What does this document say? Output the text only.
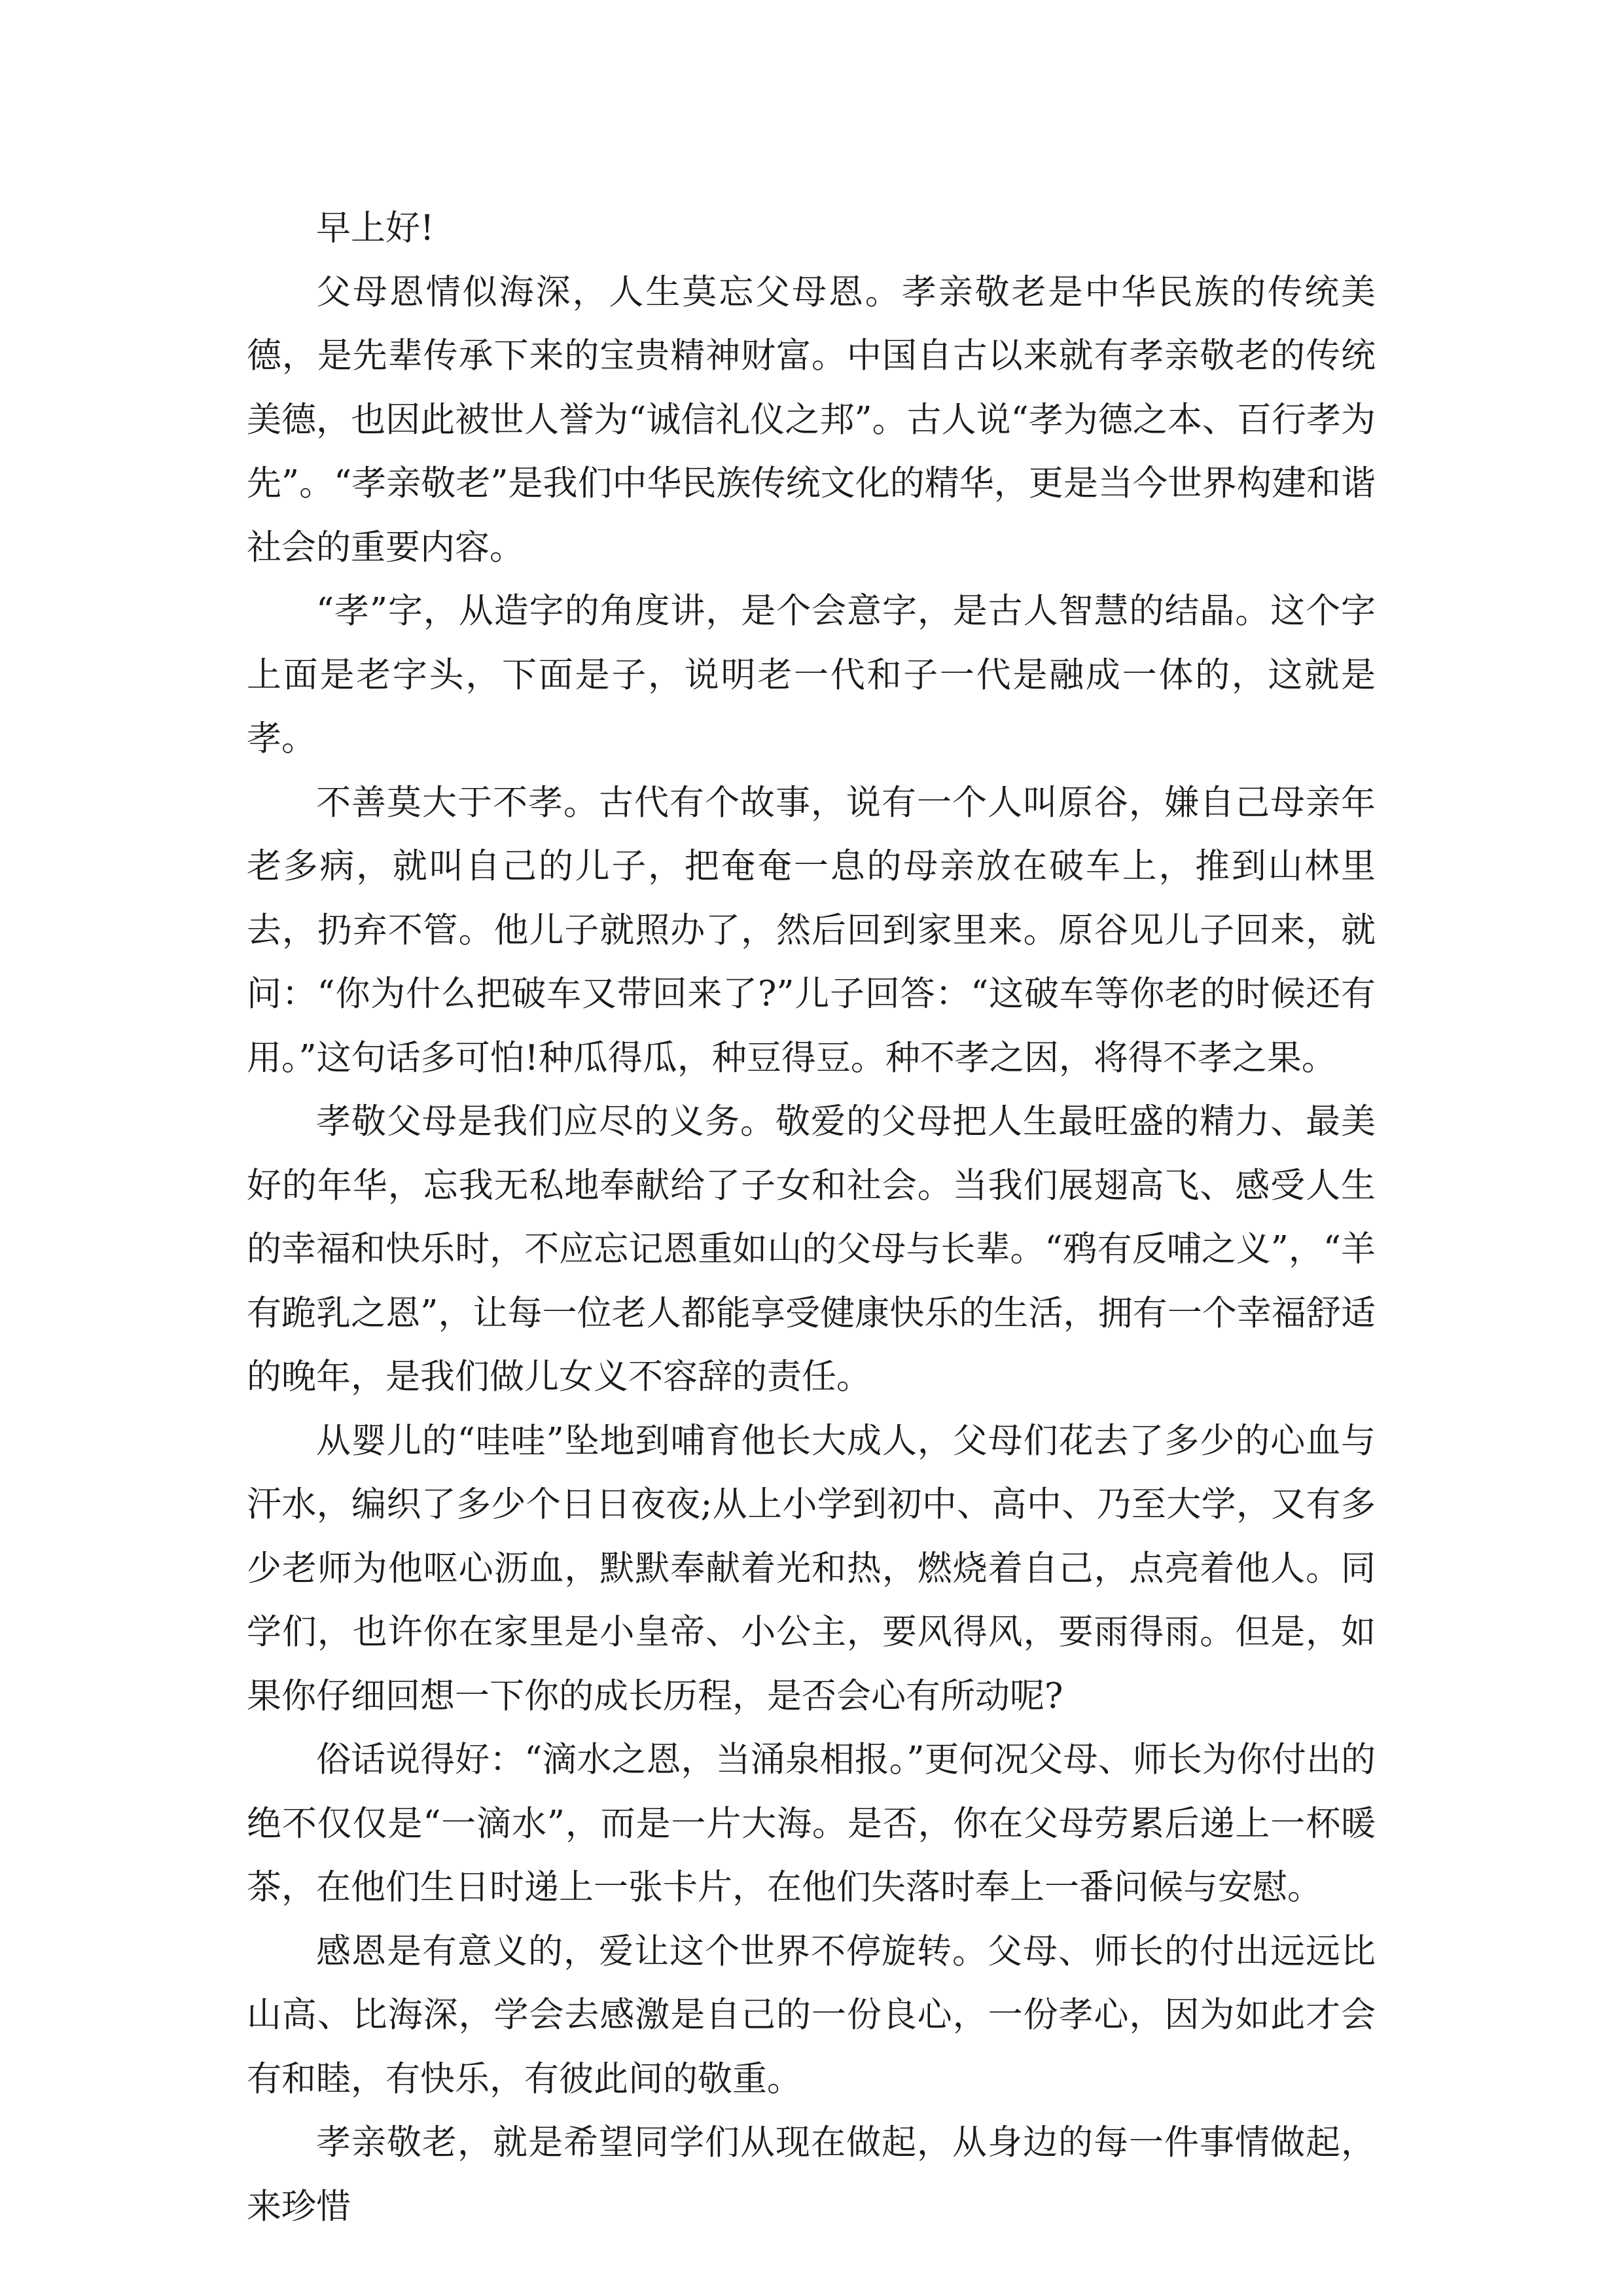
早上好!

父母恩情似海深，人生莫忘父母恩。孝亲敬老是中华民族的传统美德，是先辈传承下来的宝贵精神财富。中国自古以来就有孝亲敬老的传统美德，也因此被世人誉为“诚信礼仪之邦”。古人说“孝为德之本、百行孝为先”。“孝亲敬老”是我们中华民族传统文化的精华，更是当今世界构建和谐社会的重要内容。

“孝”字，从造字的角度讲，是个会意字，是古人智慧的结晶。这个字上面是老字头，下面是子，说明老一代和子一代是融成一体的，这就是孝。

不善莫大于不孝。古代有个故事，说有一个人叫原谷，嫌自己母亲年老多病，就叫自己的儿子，把奄奄一息的母亲放在破车上，推到山林里去，扔弃不管。他儿子就照办了，然后回到家里来。原谷见儿子回来，就问：“你为什么把破车又带回来了?”儿子回答：“这破车等你老的时候还有用。”这句话多可怕!种瓜得瓜，种豆得豆。种不孝之因，将得不孝之果。

孝敬父母是我们应尽的义务。敬爱的父母把人生最旺盛的精力、最美好的年华，忘我无私地奉献给了子女和社会。当我们展翅高飞、感受人生的幸福和快乐时，不应忘记恩重如山的父母与长辈。“鸦有反哺之义”，“羊有跪乳之恩”，让每一位老人都能享受健康快乐的生活，拥有一个幸福舒适的晚年，是我们做儿女义不容辞的责任。

从婴儿的“哇哇”坠地到哺育他长大成人，父母们花去了多少的心血与汗水，编织了多少个日日夜夜;从上小学到初中、高中、乃至大学，又有多少老师为他呕心沥血，默默奉献着光和热，燃烧着自己，点亮着他人。同学们，也许你在家里是小皇帝、小公主，要风得风，要雨得雨。但是，如果你仔细回想一下你的成长历程，是否会心有所动呢?

俗话说得好：“滴水之恩，当涌泉相报。”更何况父母、师长为你付出的绝不仅仅是“一滴水”，而是一片大海。是否，你在父母劳累后递上一杯暖茶，在他们生日时递上一张卡片，在他们失落时奉上一番问候与安慰。

感恩是有意义的，爱让这个世界不停旋转。父母、师长的付出远远比山高、比海深，学会去感激是自己的一份良心，一份孝心，因为如此才会有和睦，有快乐，有彼此间的敬重。

孝亲敬老，就是希望同学们从现在做起，从身边的每一件事情做起，来珍惜
